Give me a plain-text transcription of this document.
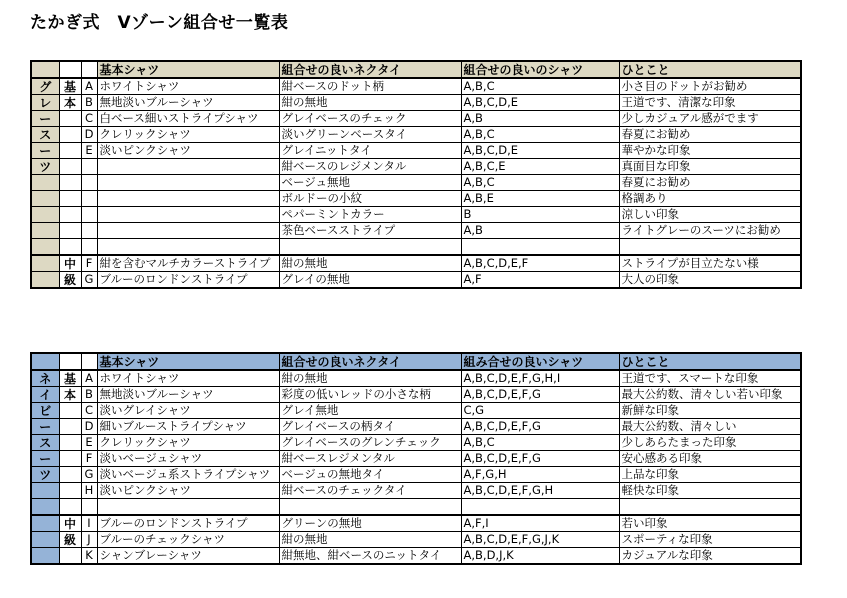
たかぎ式　Vゾーン組合せ一覧表
			基本シャツ	組合せの良いネクタイ	組合せの良いのシャツ	ひとこと
グ	基	A	ホワイトシャツ	紺ベースのドット柄	A,B,C	小さ目のドットがお勧め
レ	本	B	無地淡いブルーシャツ	紺の無地	A,B,C,D,E	王道です、清潔な印象
ー		C	白ベース細いストライプシャツ	グレイベースのチェック	A,B	少しカジュアル感がでます
ス		D	クレリックシャツ	淡いグリーンベースタイ	A,B,C	春夏にお勧め
ー		E	淡いピンクシャツ	グレイニットタイ	A,B,C,D,E	華やかな印象
ツ				紺ベースのレジメンタル	A,B,C,E	真面目な印象
				ベージュ無地	A,B,C	春夏にお勧め
				ボルドーの小紋	A,B,E	格調あり
				ペパーミントカラー	B	涼しい印象
				茶色ベースストライプ	A,B	ライトグレーのスーツにお勧め

	中	F	紺を含むマルチカラーストライプ	紺の無地	A,B,C,D,E,F	ストライプが目立たない様
	級	G	ブルーのロンドンストライプ	グレイの無地	A,F	大人の印象
			基本シャツ	組合せの良いネクタイ	組み合せの良いシャツ	ひとこと
ネ	基	A	ホワイトシャツ	紺の無地	A,B,C,D,E,F,G,H,I	王道です、スマートな印象
イ	本	B	無地淡いブルーシャツ	彩度の低いレッドの小さな柄	A,B,C,D,E,F,G	最大公約数、清々しい若い印象
ビ		C	淡いグレイシャツ	グレイ無地	C,G	新鮮な印象
ー		D	細いブルーストライプシャツ	グレイベースの柄タイ	A,B,C,D,E,F,G	最大公約数、清々しい
ス		E	クレリックシャツ	グレイベースのグレンチェック	A,B,C	少しあらたまった印象
ー		F	淡いベージュシャツ	紺ベースレジメンタル	A,B,C,D,E,F,G	安心感ある印象
ツ		G	淡いベージュ系ストライプシャツ	ベージュの無地タイ	A,F,G,H	上品な印象
		H	淡いピンクシャツ	紺ベースのチェックタイ	A,B,C,D,E,F,G,H	軽快な印象

	中	I	ブルーのロンドンストライプ	グリーンの無地	A,F,I	若い印象
	級	J	ブルーのチェックシャツ	紺の無地	A,B,C,D,E,F,G,J,K	スポーティな印象
		K	シャンブレーシャツ	紺無地、紺ベースのニットタイ	A,B,D,J,K	カジュアルな印象
